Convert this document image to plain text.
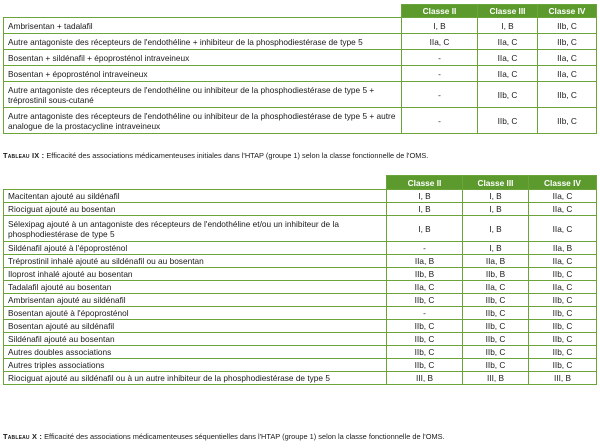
	Classe II	Classe III	Classe IV
Ambrisentan + tadalafil	I, B	I, B	IIb, C
Autre antagoniste des récepteurs de l'endothéline + inhibiteur de la phosphodiestérase de type 5	IIa, C	IIa, C	IIb, C
Bosentan + sildénafil + époprosténol intraveineux	-	IIa, C	IIa, C
Bosentan + époprosténol intraveineux	-	IIa, C	IIa, C
Autre antagoniste des récepteurs de l'endothéline ou inhibiteur de la phosphodiestérase de type 5 + tréprostinil sous-cutané	-	IIb, C	IIb, C
Autre antagoniste des récepteurs de l'endothéline ou inhibiteur de la phosphodiestérase de type 5 + autre analogue de la prostacycline intraveineux	-	IIb, C	IIb, C
Tableau IX : Efficacité des associations médicamenteuses initiales dans l'HTAP (groupe 1) selon la classe fonctionnelle de l'OMS.
	Classe II	Classe III	Classe IV
Macitentan ajouté au sildénafil	I, B	I, B	IIa, C
Riociguat ajouté au bosentan	I, B	I, B	IIa, C
Sélexipag ajouté à un antagoniste des récepteurs de l'endothéline et/ou un inhibiteur de la phosphodiestérase de type 5	I, B	I, B	IIa, C
Sildénafil ajouté à l'époprosténol	-	I, B	IIa, B
Tréprostinil inhalé ajouté au sildénafil ou au bosentan	IIa, B	IIa, B	IIa, C
Iloprost inhalé ajouté au bosentan	IIb, B	IIb, B	IIb, C
Tadalafil ajouté au bosentan	IIa, C	IIa, C	IIa, C
Ambrisentan ajouté au sildénafil	IIb, C	IIb, C	IIb, C
Bosentan ajouté à l'époprosténol	-	IIb, C	IIb, C
Bosentan ajouté au sildénafil	IIb, C	IIb, C	IIb, C
Sildénafil ajouté au bosentan	IIb, C	IIb, C	IIb, C
Autres doubles associations	IIb, C	IIb, C	IIb, C
Autres triples associations	IIb, C	IIb, C	IIb, C
Riociguat ajouté au sildénafil ou à un autre inhibiteur de la phosphodiestérase de type 5	III, B	III, B	III, B
Tableau X : Efficacité des associations médicamenteuses séquentielles dans l'HTAP (groupe 1) selon la classe fonctionnelle de l'OMS.
